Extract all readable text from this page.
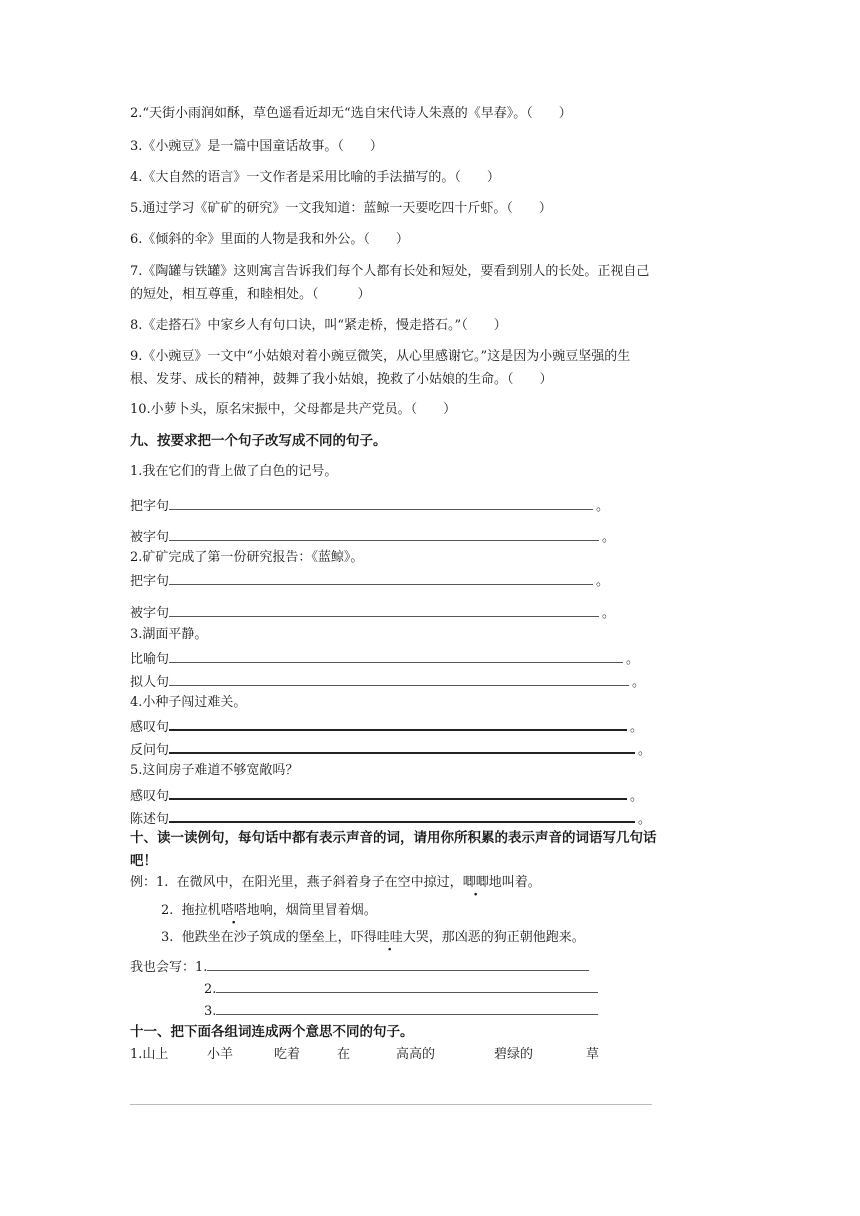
2.“天街小雨润如酥，草色遥看近却无“选自宋代诗人朱熹的《早春》。（　　）
3.《小豌豆》是一篇中国童话故事。（　　）
4.《大自然的语言》一文作者是采用比喻的手法描写的。（　　）
5.通过学习《矿矿的研究》一文我知道：蓝鲸一天要吃四十斤虾。（　　）
6.《倾斜的伞》里面的人物是我和外公。（　　）
7.《陶罐与铁罐》这则寓言告诉我们每个人都有长处和短处，要看到别人的长处。正视自己
的短处，相互尊重，和睦相处。（　　　）
8.《走搭石》中家乡人有句口诀，叫“紧走桥，慢走搭石。”（　　）
9.《小豌豆》一文中“小姑娘对着小豌豆微笑，从心里感谢它。”这是因为小豌豆坚强的生
根、发芽、成长的精神，鼓舞了我小姑娘，挽救了小姑娘的生命。（　　）
10.小萝卜头，原名宋振中，父母都是共产党员。（　　）
九、按要求把一个句子改写成不同的句子。
1.我在它们的背上做了白色的记号。
把字句	。
被字句	。
2.矿矿完成了第一份研究报告：《蓝鲸》。
把字句	。
被字句	。
3.湖面平静。
比喻句	。
拟人句	。
4.小种子闯过难关。
感叹句	。
反问句	。
5.这间房子难道不够宽敞吗？
感叹句	。
陈述句	。
十、读一读例句，每句话中都有表示声音的词，请用你所积累的表示声音的词语写几句话
吧！
例：1. 在微风中，在阳光里，燕子斜着身子在空中掠过，唧唧地叫着。
2. 拖拉机嗒嗒地响，烟筒里冒着烟。
3. 他跌坐在沙子筑成的堡垒上，吓得哇哇大哭，那凶恶的狗正朝他跑来。
我也会写：1.
2.
3.
十一、把下面各组词连成两个意思不同的句子。
1.山上	小羊	吃着	在	高高的	碧绿的	草
